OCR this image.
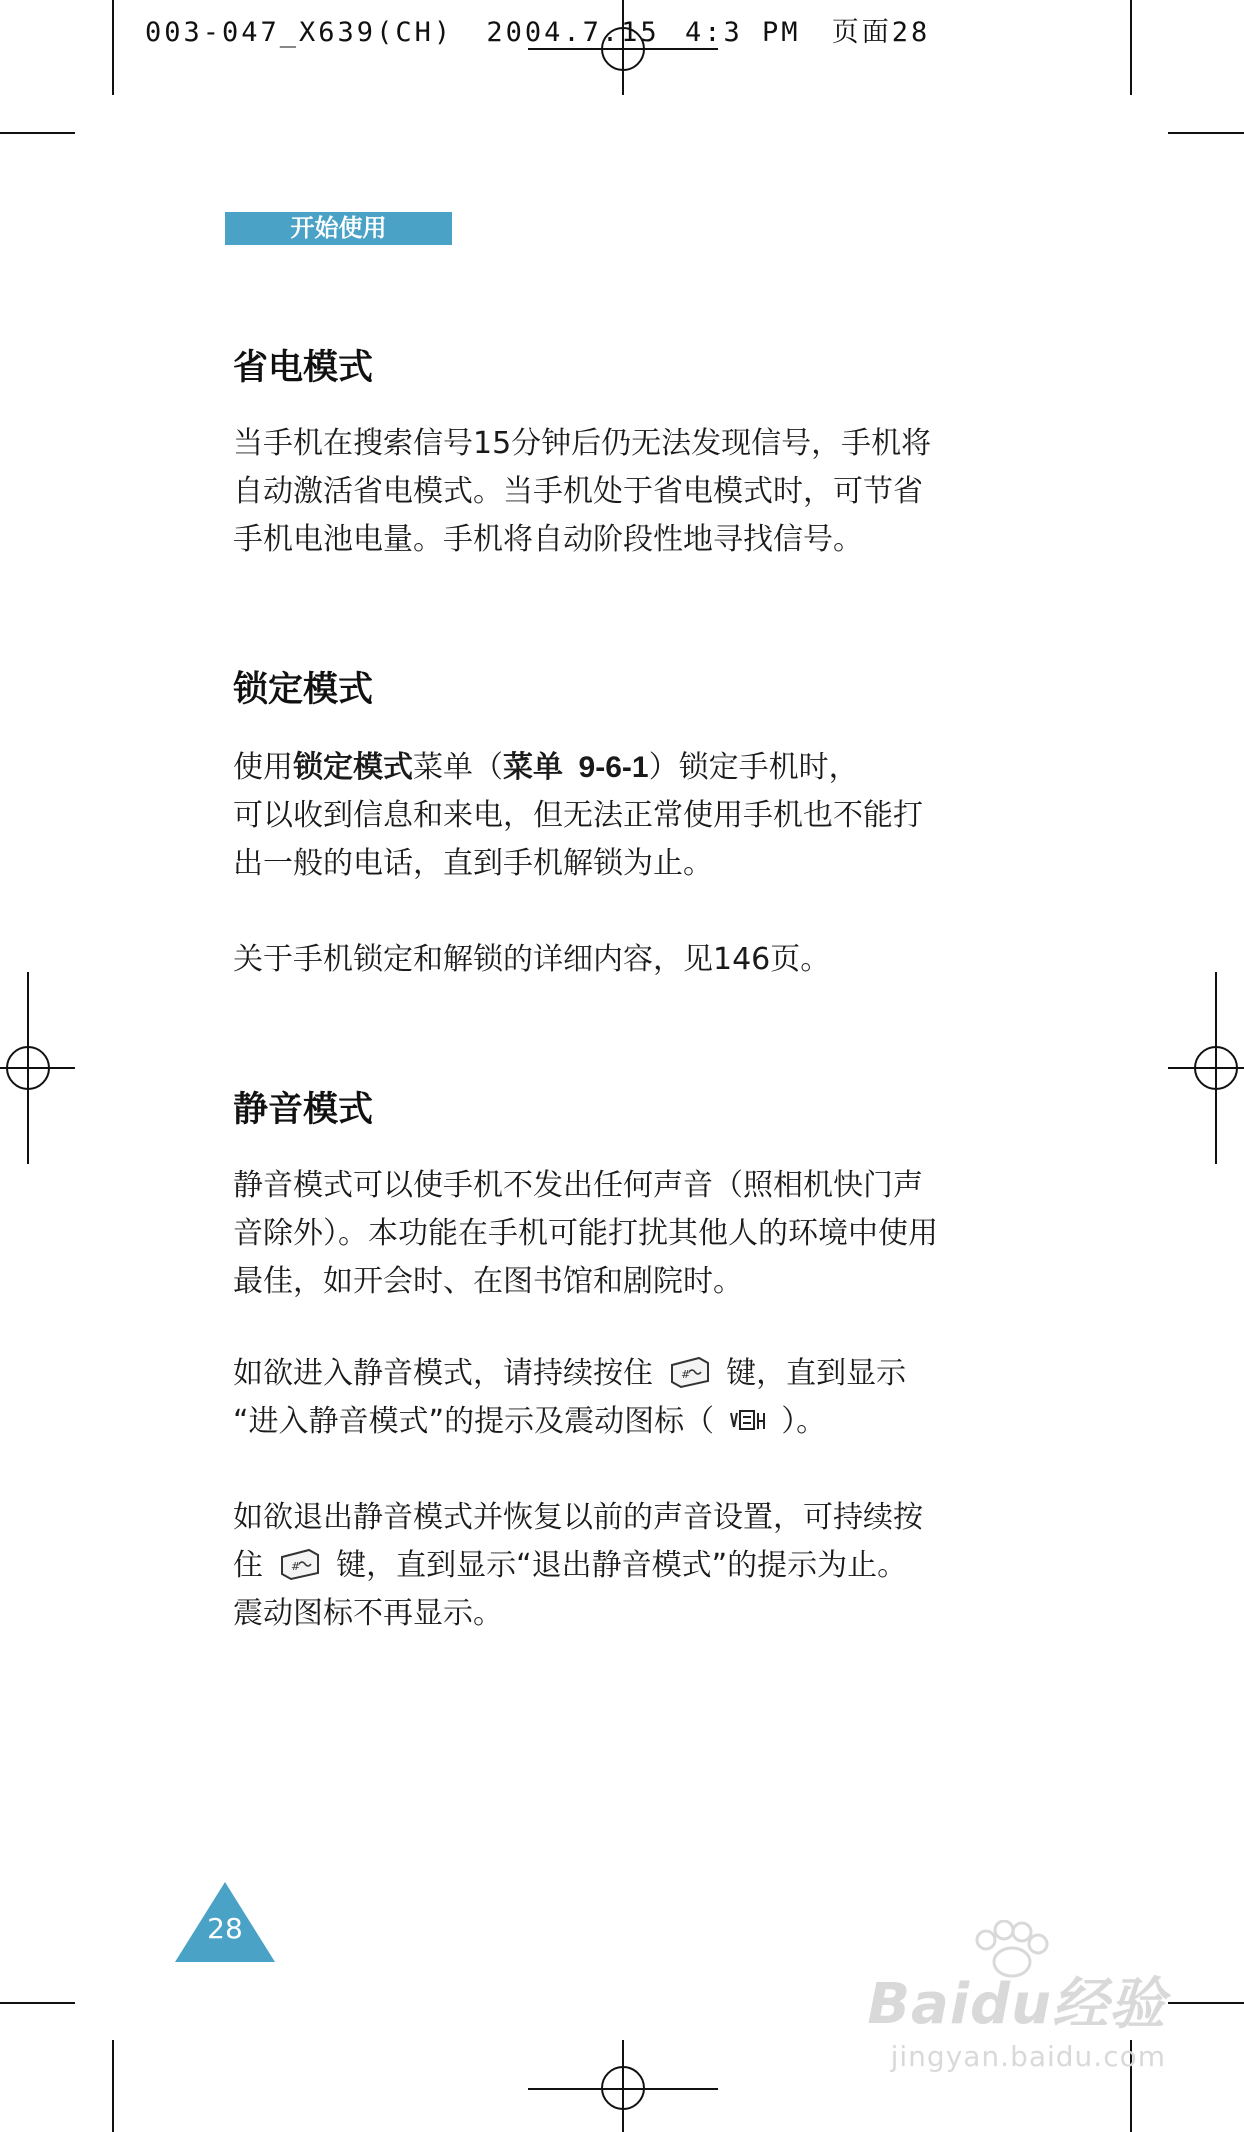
003-047_X639(CH) 2004.7.15 4:3 PM 页面28
开始使用
省电模式
当手机在搜索信号15分钟后仍无法发现信号，手机将
自动激活省电模式。当手机处于省电模式时，可节省
手机电池电量。手机将自动阶段性地寻找信号。
锁定模式
使用锁定模式菜单（菜单 9-6-1）锁定手机时，
可以收到信息和来电，但无法正常使用手机也不能打
出一般的电话，直到手机解锁为止。
关于手机锁定和解锁的详细内容，见146页。
静音模式
静音模式可以使手机不发出任何声音（照相机快门声
音除外）。本功能在手机可能打扰其他人的环境中使用
最佳，如开会时、在图书馆和剧院时。
如欲进入静音模式，请持续按住	# 键，直到显示
“进入静音模式”的提示及震动图标（ ）。
如欲退出静音模式并恢复以前的声音设置，可持续按
住	# 键，直到显示“退出静音模式”的提示为止。
震动图标不再显示。
28
Baidu经验
jingyan.baidu.com
